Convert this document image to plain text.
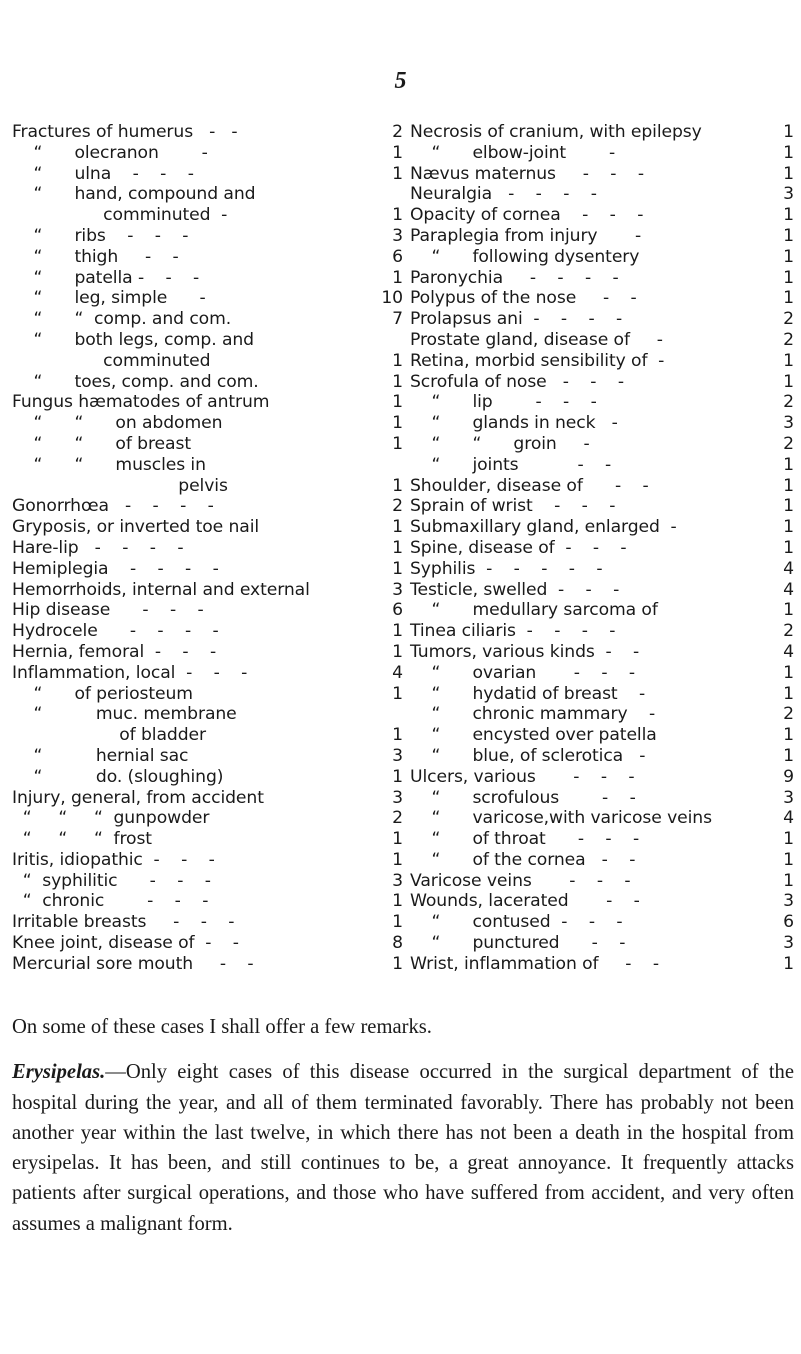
5
Fractures of humerus   -   -	2
“      olecranon        -	1
“      ulna    -    -    -	1
“      hand, compound and
comminuted  -	1
“      ribs    -    -    -	3
“      thigh     -    -	6
“      patella -    -    -	1
“      leg, simple      -	10
“      “  comp. and com.	7
“      both legs, comp. and
comminuted	1
“      toes, comp. and com.	1
Fungus hæmatodes of antrum	1
“      “      on abdomen	1
“      “      of breast	1
“      “      muscles in
pelvis	1
Gonorrhœa   -    -    -    -	2
Gryposis, or inverted toe nail	1
Hare-lip   -    -    -    -	1
Hemiplegia    -    -    -    -	1
Hemorrhoids, internal and external	3
Hip disease      -    -    -	6
Hydrocele      -    -    -    -	1
Hernia, femoral  -    -    -	1
Inflammation, local  -    -    -	4
“      of periosteum	1
“          muc. membrane
of bladder	1
“          hernial sac	3
“          do. (sloughing)	1
Injury, general, from accident	3
“     “     “  gunpowder	2
“     “     “  frost	1
Iritis, idiopathic  -    -    -	1
“  syphilitic      -    -    -	3
“  chronic        -    -    -	1
Irritable breasts     -    -    -	1
Knee joint, disease of  -    -	8
Mercurial sore mouth     -    -	1
Necrosis of cranium, with epilepsy	1
“      elbow-joint        -	1
Nævus maternus     -    -    -	1
Neuralgia   -    -    -    -	3
Opacity of cornea    -    -    -	1
Paraplegia from injury       -	1
“      following dysentery	1
Paronychia     -    -    -    -	1
Polypus of the nose     -    -	1
Prolapsus ani  -    -    -    -	2
Prostate gland, disease of     -	2
Retina, morbid sensibility of  -	1
Scrofula of nose   -    -    -	1
“      lip        -    -    -	2
“      glands in neck   -	3
“      “      groin     -	2
“      joints           -    -	1
Shoulder, disease of      -    -	1
Sprain of wrist    -    -    -	1
Submaxillary gland, enlarged  -	1
Spine, disease of  -    -    -	1
Syphilis  -    -    -    -    -	4
Testicle, swelled  -    -    -	4
“      medullary sarcoma of	1
Tinea ciliaris  -    -    -    -	2
Tumors, various kinds  -    -	4
“      ovarian       -    -    -	1
“      hydatid of breast    -	1
“      chronic mammary    -	2
“      encysted over patella	1
“      blue, of sclerotica   -	1
Ulcers, various       -    -    -	9
“      scrofulous        -    -	3
“      varicose,with varicose veins	4
“      of throat      -    -    -	1
“      of the cornea   -    -	1
Varicose veins       -    -    -	1
Wounds, lacerated       -    -	3
“      contused  -    -    -	6
“      punctured      -    -	3
Wrist, inflammation of     -    -	1

On some of these cases I shall offer a few remarks.

Erysipelas.—Only eight cases of this disease occurred in the surgical department of the hospital during the year, and all of them terminated favorably. There has probably not been another year within the last twelve, in which there has not been a death in the hospital from erysipelas. It has been, and still continues to be, a great annoyance. It frequently attacks patients after surgical operations, and those who have suffered from accident, and very often assumes a malignant form.
